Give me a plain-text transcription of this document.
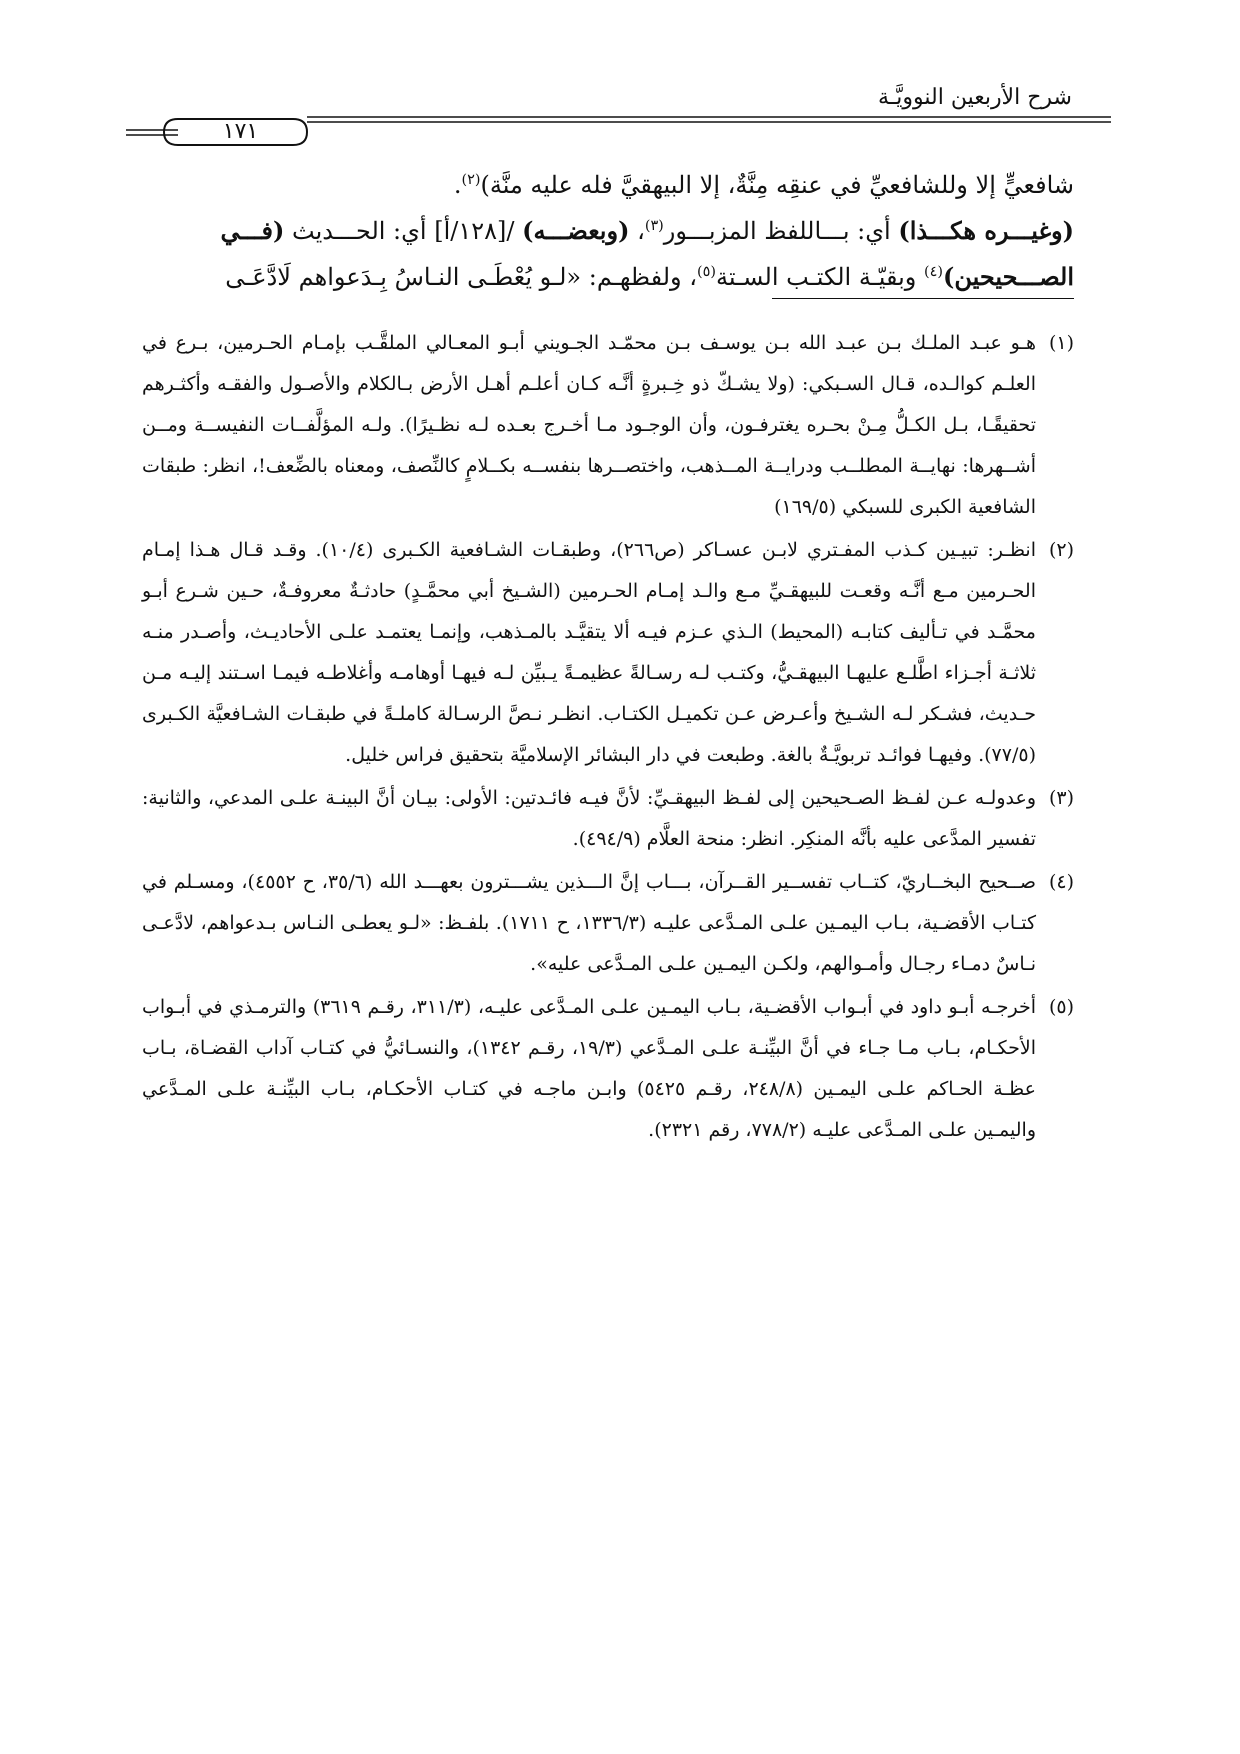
شرح الأربعين النوويَّـة
١٧١

شافعيٍّ إلا وللشافعيِّ في عنقِه مِنَّةٌ، إلا البيهقيَّ فله عليه منَّة)$^{(٢)}$.

(وغيـــره هكـــذا) أي: بـــاللفظ المزبـــور$^{(٣)}$، (وبعضـــه) /[١٢٨/أ] أي: الحـــديث (فـــي

الصـــحيحين)$^{(٤)}$ وبقيّـة الكتـب السـتة$^{(٥)}$، ولفظهـم: «لـو يُعْطَـى النـاسُ بِـدَعواهم لَادَّعَـى

(١)
هـو عبـد الملـك بـن عبـد الله بـن يوسـف بـن محمّـد الجـويني أبـو المعـالي الملقَّـب بإمـام الحـرمين، بـرع في العلـم كوالـده، قـال السـبكي: (ولا يشـكّ ذو خِـبرةٍ أنَّـه كـان أعلـم أهـل الأرض بـالكلام والأصـول والفقـه وأكثـرهم تحقيقًـا، بـل الكـلُّ مِـنْ بحـره يغترفـون، وأن الوجـود مـا أخـرج بعـده لـه نظـيرًا). ولـه المؤلَّفــات النفيســة ومــن أشــهرها: نهايــة المطلــب ودرايــة المــذهب، واختصــرها بنفســه بكــلامٍ كالنِّصف، ومعناه بالضِّعف!، انظر: طبقات الشافعية الكبرى للسبكي (١٦٩/٥)
(٢)
انظـر: تبيـين كـذب المفـتري لابـن عسـاكر (ص٢٦٦)، وطبقـات الشـافعية الكـبرى (١٠/٤). وقـد قـال هـذا إمـام الحـرمين مـع أنَّـه وقعـت للبيهقـيِّ مـع والـد إمـام الحـرمين (الشـيخ أبي محمَّـدٍ) حادثـةٌ معروفـةٌ، حـين شـرع أبـو محمَّـد في تـأليف كتابـه (المحيط) الـذي عـزم فيـه ألا يتقيَّـد بالمـذهب، وإنمـا يعتمـد علـى الأحاديـث، وأصـدر منـه ثلاثـة أجـزاء اطَّلـع عليهـا البيهقـيُّ، وكتـب لـه رسـالةً عظيمـةً يـبيِّن لـه فيهـا أوهامـه وأغلاطـه فيمـا اسـتند إليـه مـن حـديث، فشـكر لـه الشـيخ وأعـرض عـن تكميـل الكتـاب. انظـر نـصَّ الرسـالة كاملـةً في طبقـات الشـافعيَّة الكـبرى (٧٧/٥). وفيهـا فوائـد تربويَّـةٌ بالغة. وطبعت في دار البشائر الإسلاميَّة بتحقيق فراس خليل.
(٣)
وعدولـه عـن لفـظ الصـحيحين إلى لفـظ البيهقـيِّ: لأنَّ فيـه فائـدتين: الأولى: بيـان أنَّ البينـة علـى المدعي، والثانية: تفسير المدَّعى عليه بأنَّه المنكِر. انظر: منحة العلَّام (٤٩٤/٩).
(٤)
صــحيح البخــاريّ، كتــاب تفســير القــرآن، بـــاب إنَّ الـــذين يشـــترون بعهـــد الله (٣٥/٦، ح ٤٥٥٢)، ومسـلم في كتـاب الأقضـية، بـاب اليمـين علـى المـدَّعى عليـه (١٣٣٦/٣، ح ١٧١١). بلفـظ: «لـو يعطـى النـاس بـدعواهم، لادَّعـى نـاسٌ دمـاء رجـال وأمـوالهم، ولكـن اليمـين علـى المـدَّعى عليه».
(٥)
أخرجـه أبـو داود في أبـواب الأقضـية، بـاب اليمـين علـى المـدَّعى عليـه، (٣١١/٣، رقـم ٣٦١٩) والترمـذي في أبـواب الأحكـام، بـاب مـا جـاء في أنَّ البيِّنـة علـى المـدَّعي (١٩/٣، رقـم ١٣٤٢)، والنسـائيُّ في كتـاب آداب القضـاة، بـاب عظـة الحـاكم علـى اليمـين (٢٤٨/٨، رقـم ٥٤٢٥) وابـن ماجـه في كتـاب الأحكـام، بـاب البيِّنـة علـى المـدَّعي واليمـين علـى المـدَّعى عليـه (٧٧٨/٢، رقم ٢٣٢١).
